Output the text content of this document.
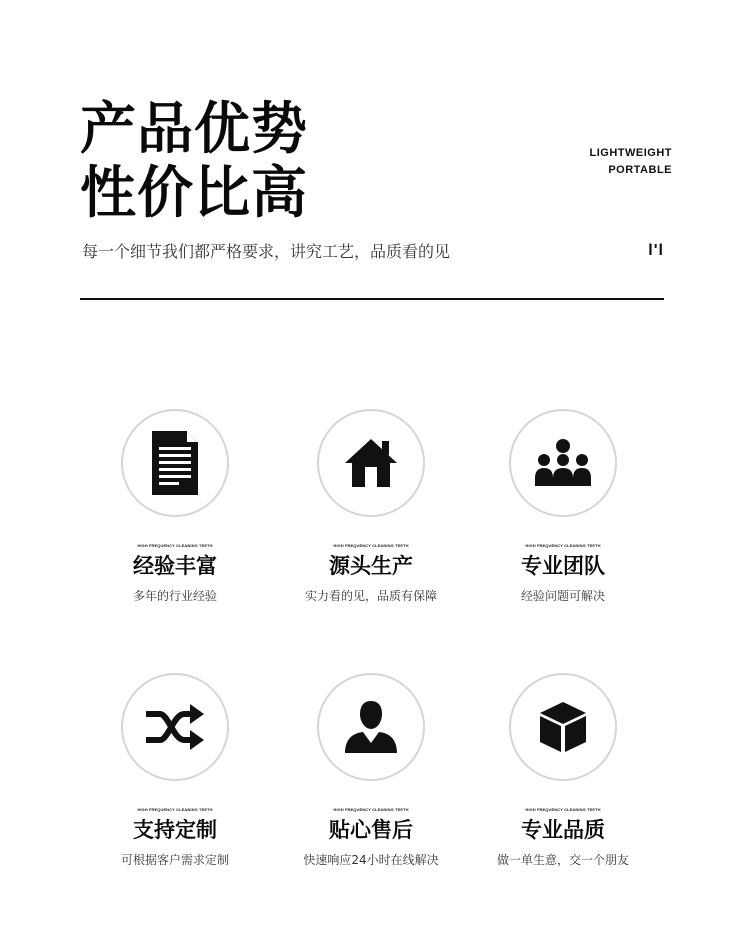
产品优势
性价比高
LIGHTWEIGHT
PORTABLE
每一个细节我们都严格要求，讲究工艺，品质看的见	l'l
HIGH FREQUENCY CLEANING TEETH
经验丰富
多年的行业经验
HIGH FREQUENCY CLEANING TEETH
源头生产
实力看的见，品质有保障
HIGH FREQUENCY CLEANING TEETH
专业团队
经验问题可解决
HIGH FREQUENCY CLEANING TEETH
支持定制
可根据客户需求定制
HIGH FREQUENCY CLEANING TEETH
贴心售后
快速响应24小时在线解决
HIGH FREQUENCY CLEANING TEETH
专业品质
做一单生意，交一个朋友
